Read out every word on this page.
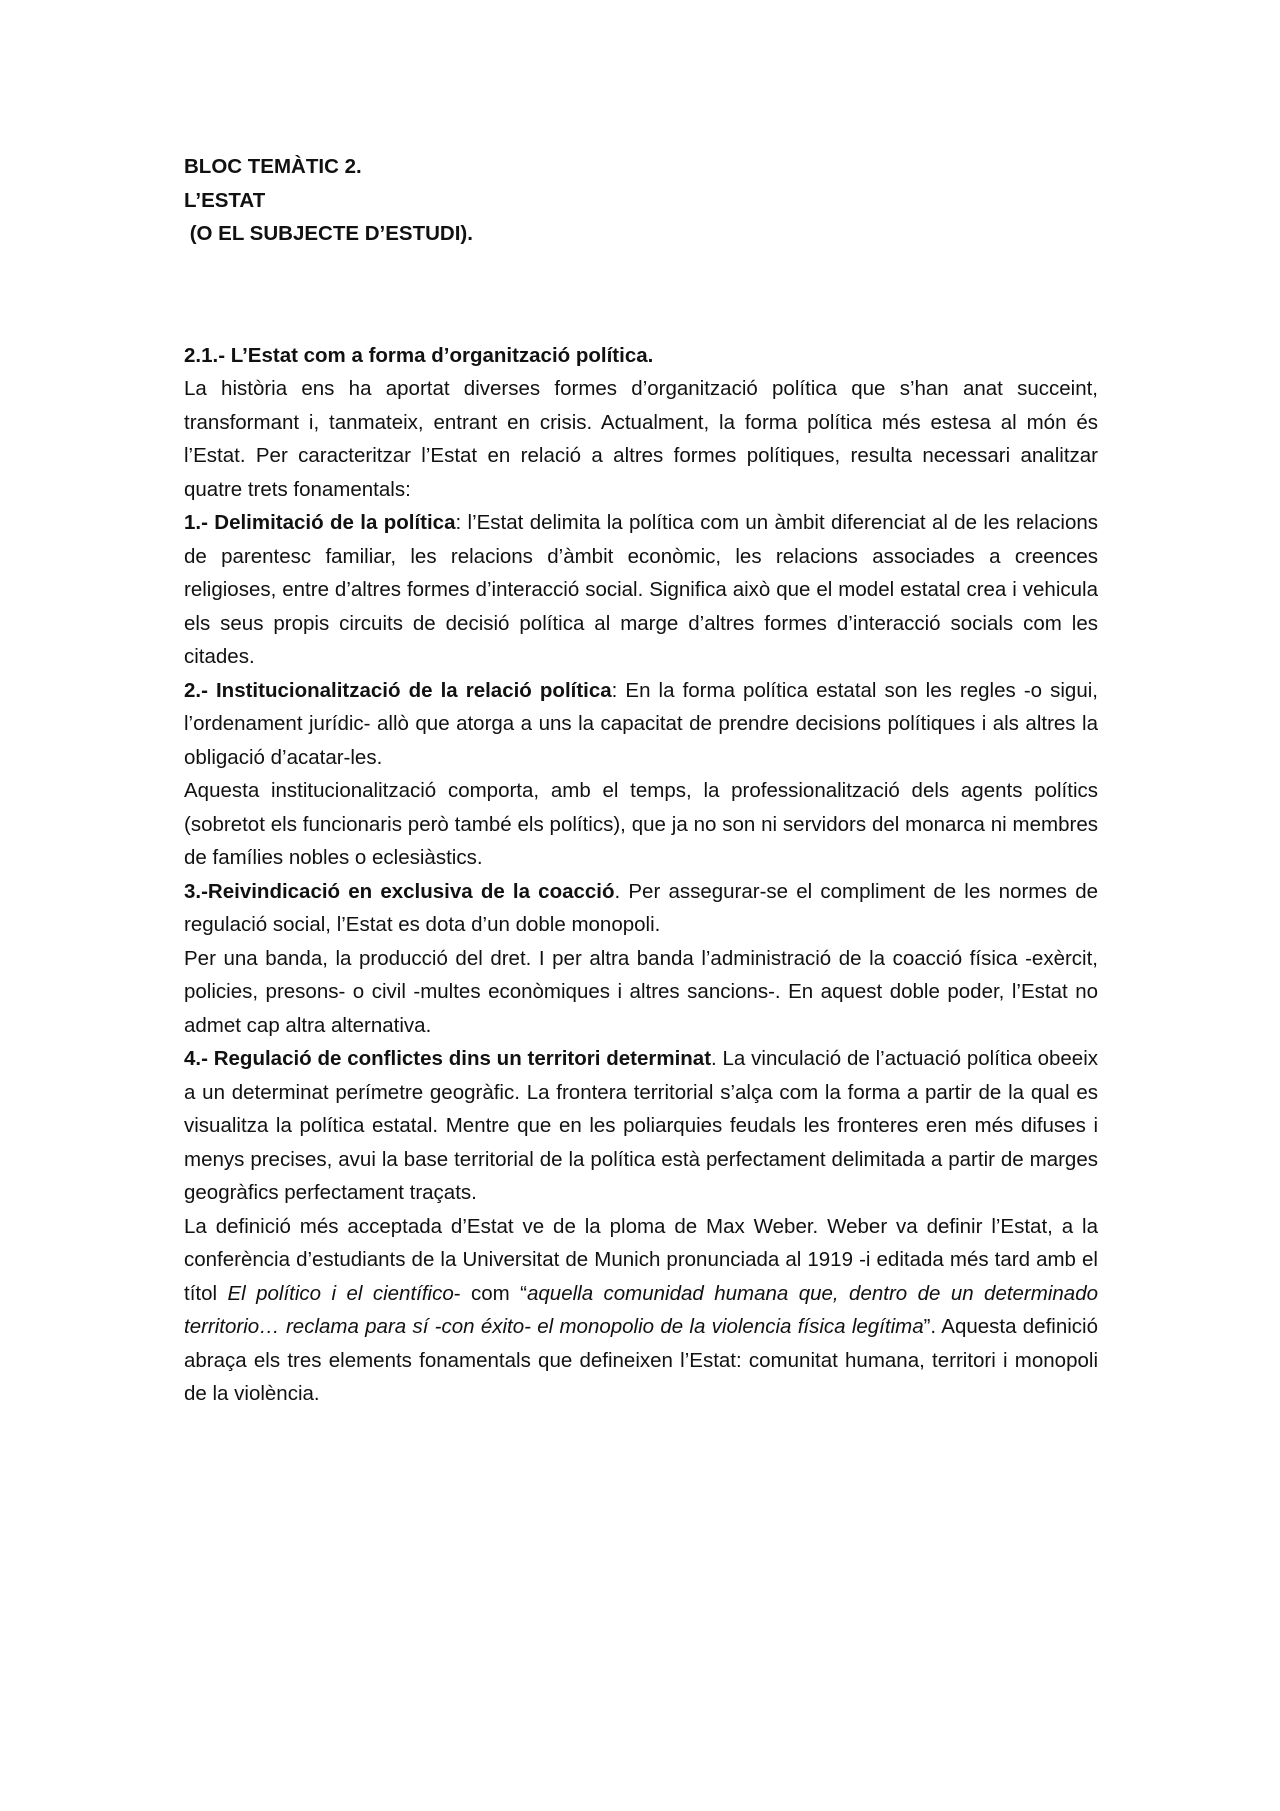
BLOC TEMÀTIC 2.
L’ESTAT
(O EL SUBJECTE D’ESTUDI).
2.1.- L’Estat com a forma d’organització política.

La història ens ha aportat diverses formes d’organització política que s’han anat succeint, transformant i, tanmateix, entrant en crisis. Actualment, la forma política més estesa al món és l’Estat. Per caracteritzar l’Estat en relació a altres formes polítiques, resulta necessari analitzar quatre trets fonamentals:

1.- Delimitació de la política: l’Estat delimita la política com un àmbit diferenciat al de les relacions de parentesc familiar, les relacions d’àmbit econòmic, les relacions associades a creences religioses, entre d’altres formes d’interacció social. Significa això que el model estatal crea i vehicula els seus propis circuits de decisió política al marge d’altres formes d’interacció socials com les citades.

2.- Institucionalització de la relació política: En la forma política estatal son les regles -o sigui, l’ordenament jurídic- allò que atorga a uns la capacitat de prendre decisions polítiques i als altres la obligació d’acatar-les.

Aquesta institucionalització comporta, amb el temps, la professionalització dels agents polítics (sobretot els funcionaris però també els polítics), que ja no son ni servidors del monarca ni membres de famílies nobles o eclesiàstics.

3.-Reivindicació en exclusiva de la coacció. Per assegurar-se el compliment de les normes de regulació social, l’Estat es dota d’un doble monopoli.

Per una banda, la producció del dret. I per altra banda l’administració de la coacció física -exèrcit, policies, presons- o civil -multes econòmiques i altres sancions-. En aquest doble poder, l’Estat no admet cap altra alternativa.

4.- Regulació de conflictes dins un territori determinat. La vinculació de l’actuació política obeeix a un determinat perímetre geogràfic. La frontera territorial s’alça com la forma a partir de la qual es visualitza la política estatal. Mentre que en les poliarquies feudals les fronteres eren més difuses i menys precises, avui la base territorial de la política està perfectament delimitada a partir de marges geogràfics perfectament traçats.

La definició més acceptada d’Estat ve de la ploma de Max Weber. Weber va definir l’Estat, a la conferència d’estudiants de la Universitat de Munich pronunciada al 1919 -i editada més tard amb el títol El político i el científico- com “aquella comunidad humana que, dentro de un determinado territorio… reclama para sí -con éxito- el monopolio de la violencia física legítima”. Aquesta definició abraça els tres elements fonamentals que defineixen l’Estat: comunitat humana, territori i monopoli de la violència.
